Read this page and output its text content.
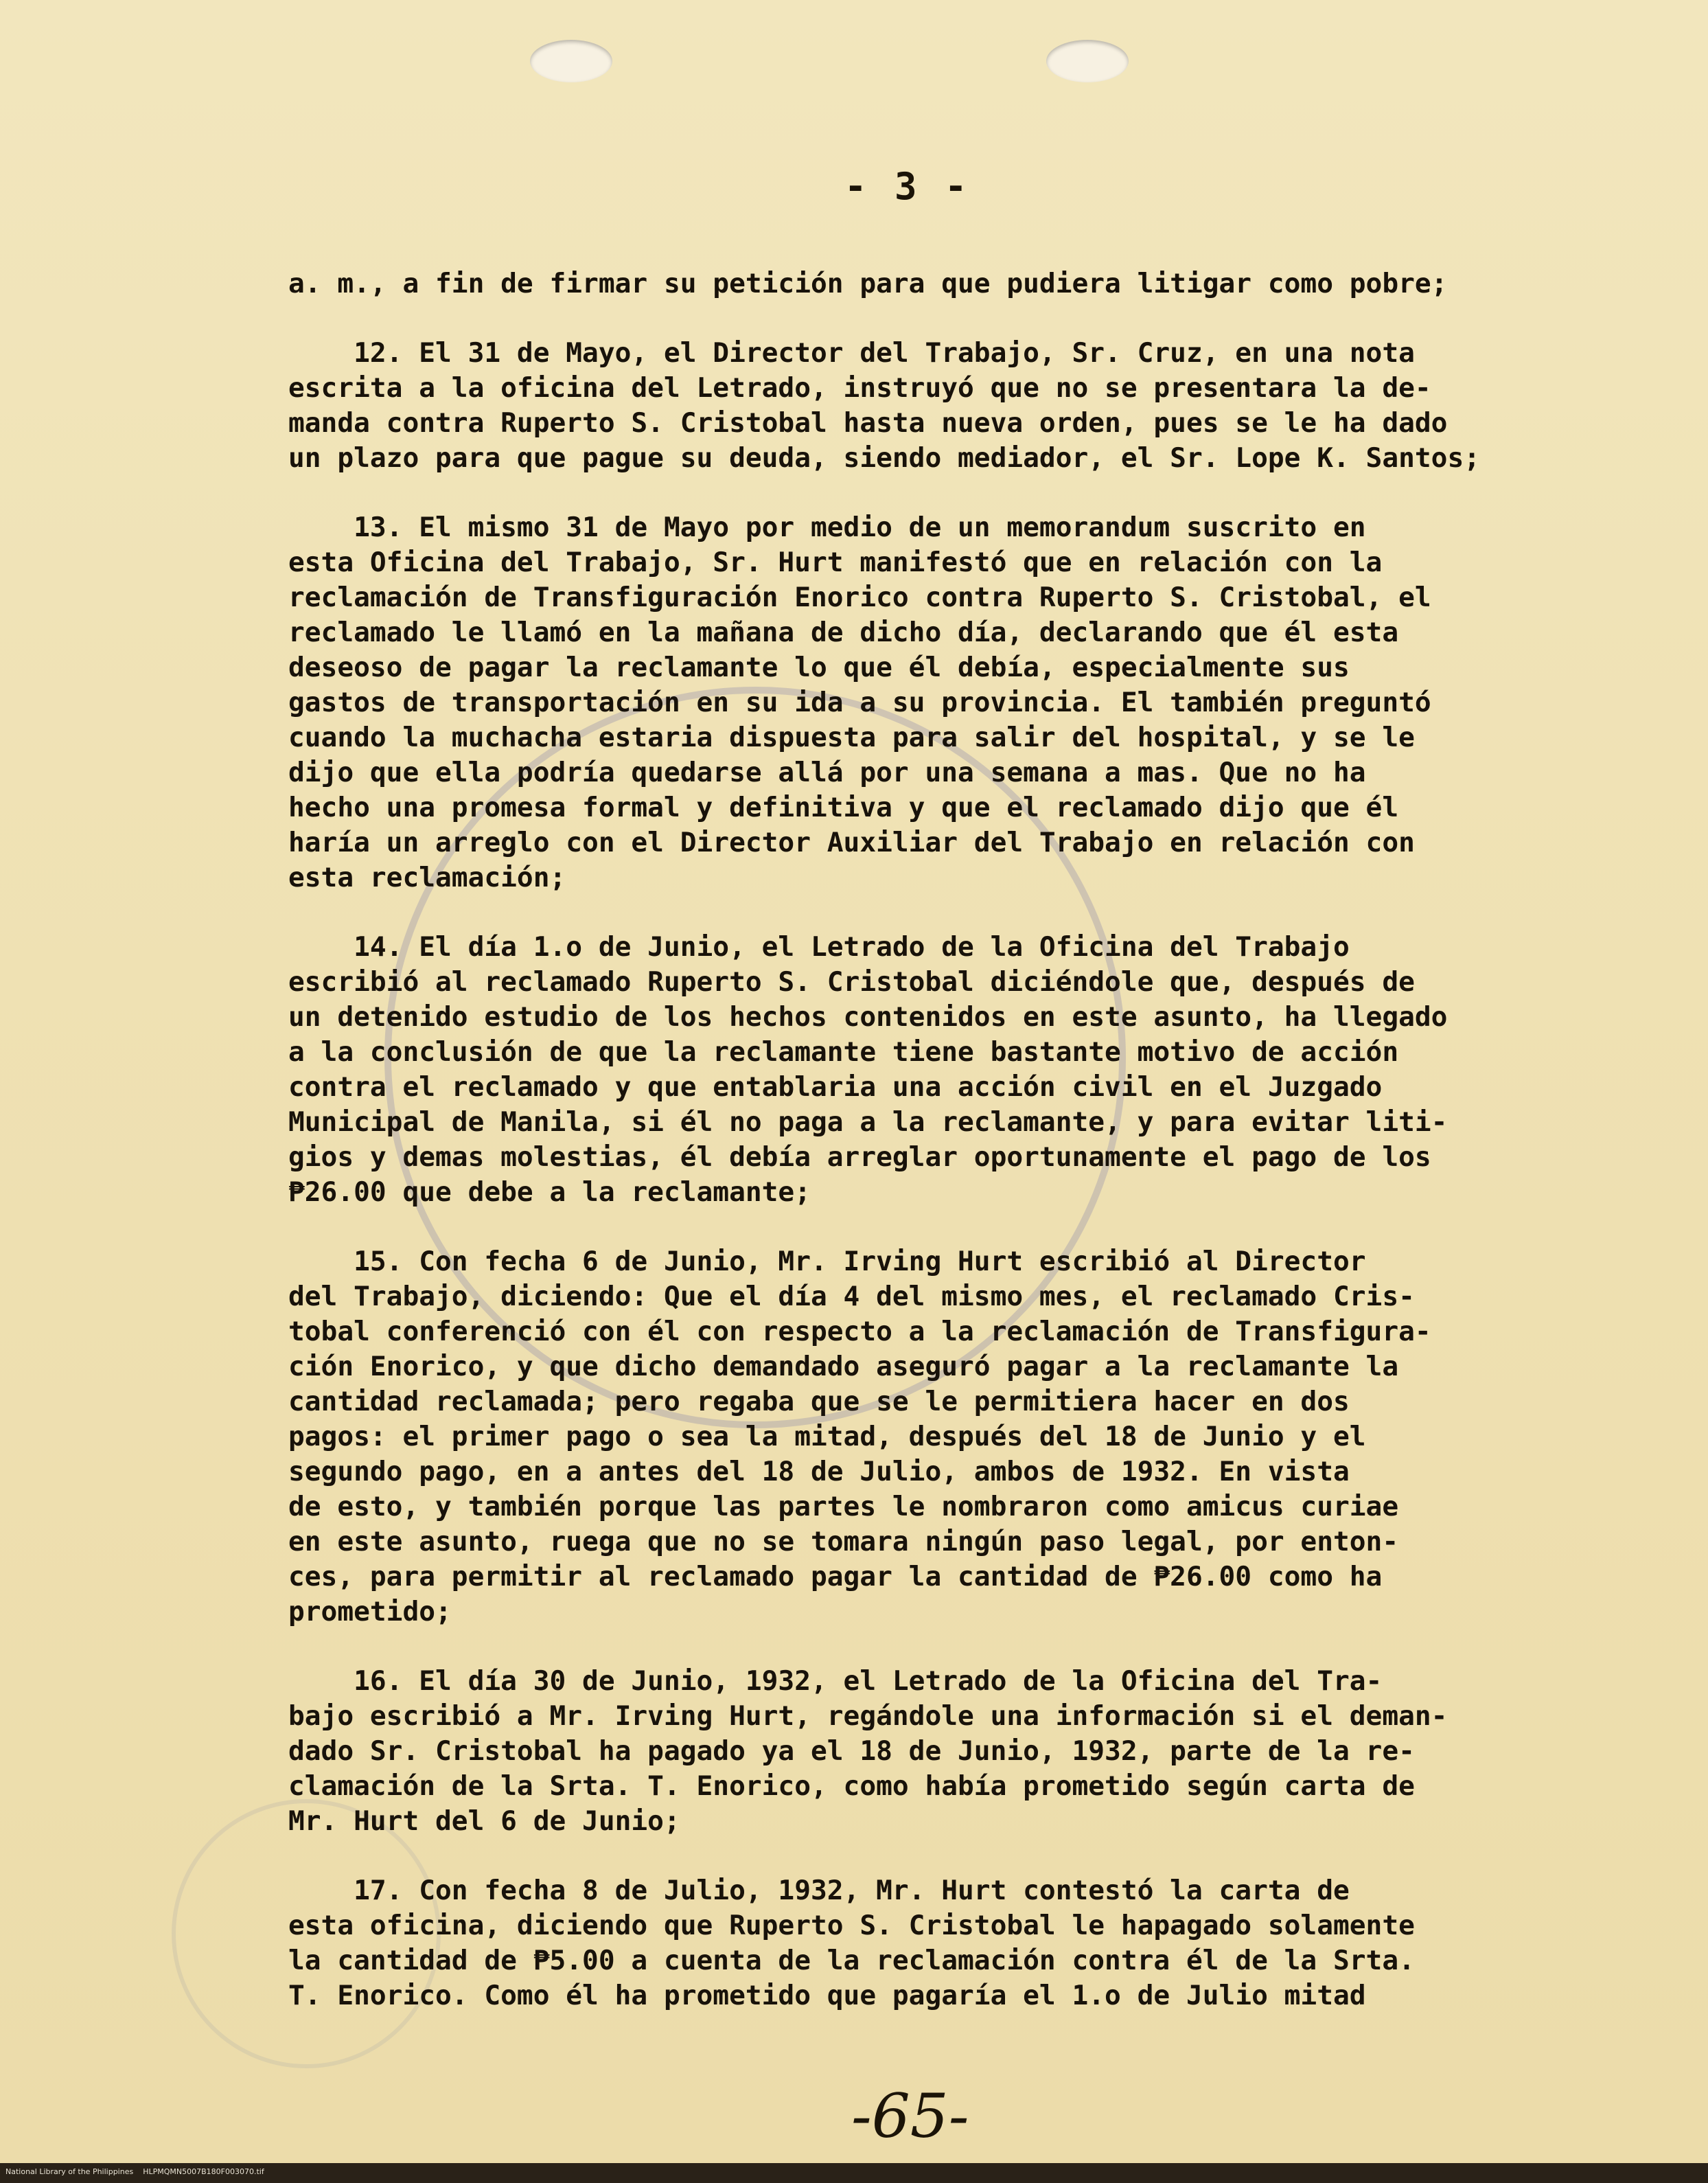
- 3 -
a. m., a fin de firmar su petición para que pudiera litigar como pobre;
12. El 31 de Mayo, el Director del Trabajo, Sr. Cruz, en una nota
escrita a la oficina del Letrado, instruyó que no se presentara la de-
manda contra Ruperto S. Cristobal hasta nueva orden, pues se le ha dado
un plazo para que pague su deuda, siendo mediador, el Sr. Lope K. Santos;
13. El mismo 31 de Mayo por medio de un memorandum suscrito en
esta Oficina del Trabajo, Sr. Hurt manifestó que en relación con la
reclamación de Transfiguración Enorico contra Ruperto S. Cristobal, el
reclamado le llamó en la mañana de dicho día, declarando que él esta
deseoso de pagar la reclamante lo que él debía, especialmente sus
gastos de transportación en su ida a su provincia. El también preguntó
cuando la muchacha estaria dispuesta para salir del hospital, y se le
dijo que ella podría quedarse allá por una semana a mas. Que no ha
hecho una promesa formal y definitiva y que el reclamado dijo que él
haría un arreglo con el Director Auxiliar del Trabajo en relación con
esta reclamación;
14. El día 1.o de Junio, el Letrado de la Oficina del Trabajo
escribió al reclamado Ruperto S. Cristobal diciéndole que, después de
un detenido estudio de los hechos contenidos en este asunto, ha llegado
a la conclusión de que la reclamante tiene bastante motivo de acción
contra el reclamado y que entablaria una acción civil en el Juzgado
Municipal de Manila, si él no paga a la reclamante, y para evitar liti-
gios y demas molestias, él debía arreglar oportunamente el pago de los
₱26.00 que debe a la reclamante;
15. Con fecha 6 de Junio, Mr. Irving Hurt escribió al Director
del Trabajo, diciendo: Que el día 4 del mismo mes, el reclamado Cris-
tobal conferenció con él con respecto a la reclamación de Transfigura-
ción Enorico, y que dicho demandado aseguró pagar a la reclamante la
cantidad reclamada; pero regaba que se le permitiera hacer en dos
pagos: el primer pago o sea la mitad, después del 18 de Junio y el
segundo pago, en a antes del 18 de Julio, ambos de 1932. En vista
de esto, y también porque las partes le nombraron como amicus curiae
en este asunto, ruega que no se tomara ningún paso legal, por enton-
ces, para permitir al reclamado pagar la cantidad de ₱26.00 como ha
prometido;
16. El día 30 de Junio, 1932, el Letrado de la Oficina del Tra-
bajo escribió a Mr. Irving Hurt, regándole una información si el deman-
dado Sr. Cristobal ha pagado ya el 18 de Junio, 1932, parte de la re-
clamación de la Srta. T. Enorico, como había prometido según carta de
Mr. Hurt del 6 de Junio;
17. Con fecha 8 de Julio, 1932, Mr. Hurt contestó la carta de
esta oficina, diciendo que Ruperto S. Cristobal le hapagado solamente
la cantidad de ₱5.00 a cuenta de la reclamación contra él de la Srta.
T. Enorico. Como él ha prometido que pagaría el 1.o de Julio mitad
-65-
National Library of the Philippines    HLPMQMN5007B180F003070.tif
